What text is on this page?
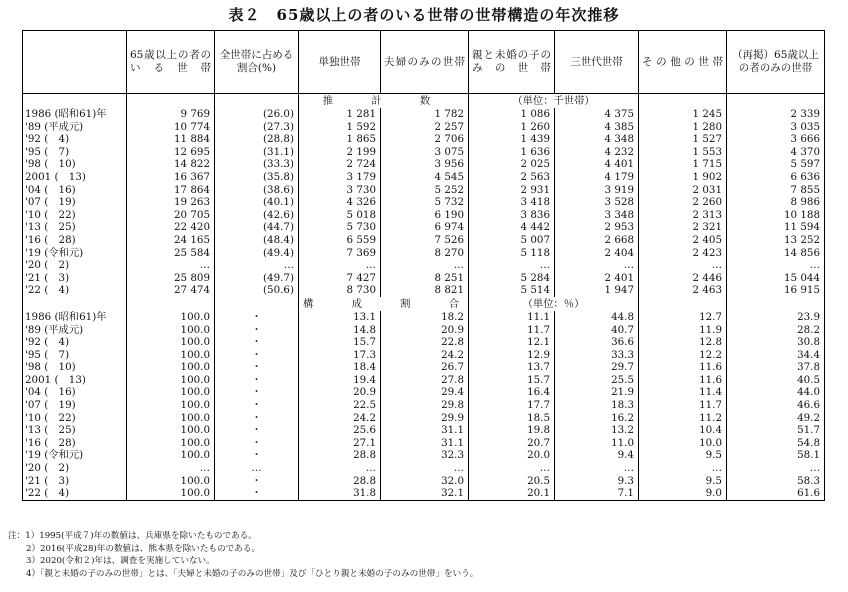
表２　65歳以上の者のいる世帯の世帯構造の年次推移
	65歳以上の者のいる世帯	全世帯に占める割合(%)	単独世帯	夫婦のみの世帯	親と未婚の子のみの世帯	三世代世帯	その他の世帯	（再掲）65歳以上の者のみの世帯
			推　計　数		（単位：千世帯）			
1986 (昭和61)年	9 769	(26.0)	1 281	1 782	1 086	4 375	1 245	2 339
'89 (平成元)	10 774	(27.3)	1 592	2 257	1 260	4 385	1 280	3 035
'92 (　4)	11 884	(28.8)	1 865	2 706	1 439	4 348	1 527	3 666
'95 (　7)	12 695	(31.1)	2 199	3 075	1 636	4 232	1 553	4 370
'98 (　10)	14 822	(33.3)	2 724	3 956	2 025	4 401	1 715	5 597
2001 (　13)	16 367	(35.8)	3 179	4 545	2 563	4 179	1 902	6 636
'04 (　16)	17 864	(38.6)	3 730	5 252	2 931	3 919	2 031	7 855
'07 (　19)	19 263	(40.1)	4 326	5 732	3 418	3 528	2 260	8 986
'10 (　22)	20 705	(42.6)	5 018	6 190	3 836	3 348	2 313	10 188
'13 (　25)	22 420	(44.7)	5 730	6 974	4 442	2 953	2 321	11 594
'16 (　28)	24 165	(48.4)	6 559	7 526	5 007	2 668	2 405	13 252
'19 (令和元)	25 584	(49.4)	7 369	8 270	5 118	2 404	2 423	14 856
'20 (　2)	…	…	…	…	…	…	…	…
'21 (　3)	25 809	(49.7)	7 427	8 251	5 284	2 401	2 446	15 044
'22 (　4)	27 474	(50.6)	8 730	8 821	5 514	1 947	2 463	16 915
			構　成　割　合		（単位：％）			
1986 (昭和61)年	100.0	・	13.1	18.2	11.1	44.8	12.7	23.9
'89 (平成元)	100.0	・	14.8	20.9	11.7	40.7	11.9	28.2
'92 (　4)	100.0	・	15.7	22.8	12.1	36.6	12.8	30.8
'95 (　7)	100.0	・	17.3	24.2	12.9	33.3	12.2	34.4
'98 (　10)	100.0	・	18.4	26.7	13.7	29.7	11.6	37.8
2001 (　13)	100.0	・	19.4	27.8	15.7	25.5	11.6	40.5
'04 (　16)	100.0	・	20.9	29.4	16.4	21.9	11.4	44.0
'07 (　19)	100.0	・	22.5	29.8	17.7	18.3	11.7	46.6
'10 (　22)	100.0	・	24.2	29.9	18.5	16.2	11.2	49.2
'13 (　25)	100.0	・	25.6	31.1	19.8	13.2	10.4	51.7
'16 (　28)	100.0	・	27.1	31.1	20.7	11.0	10.0	54.8
'19 (令和元)	100.0	・	28.8	32.3	20.0	9.4	9.5	58.1
'20 (　2)	…	…	…	…	…	…	…	…
'21 (　3)	100.0	・	28.8	32.0	20.5	9.3	9.5	58.3
'22 (　4)	100.0	・	31.8	32.1	20.1	7.1	9.0	61.6
注：1）1995(平成７)年の数値は、兵庫県を除いたものである。
2）2016(平成28)年の数値は、熊本県を除いたものである。
3）2020(令和２)年は、調査を実施していない。
4）「親と未婚の子のみの世帯」とは、「夫婦と未婚の子のみの世帯」及び「ひとり親と未婚の子のみの世帯」をいう。
